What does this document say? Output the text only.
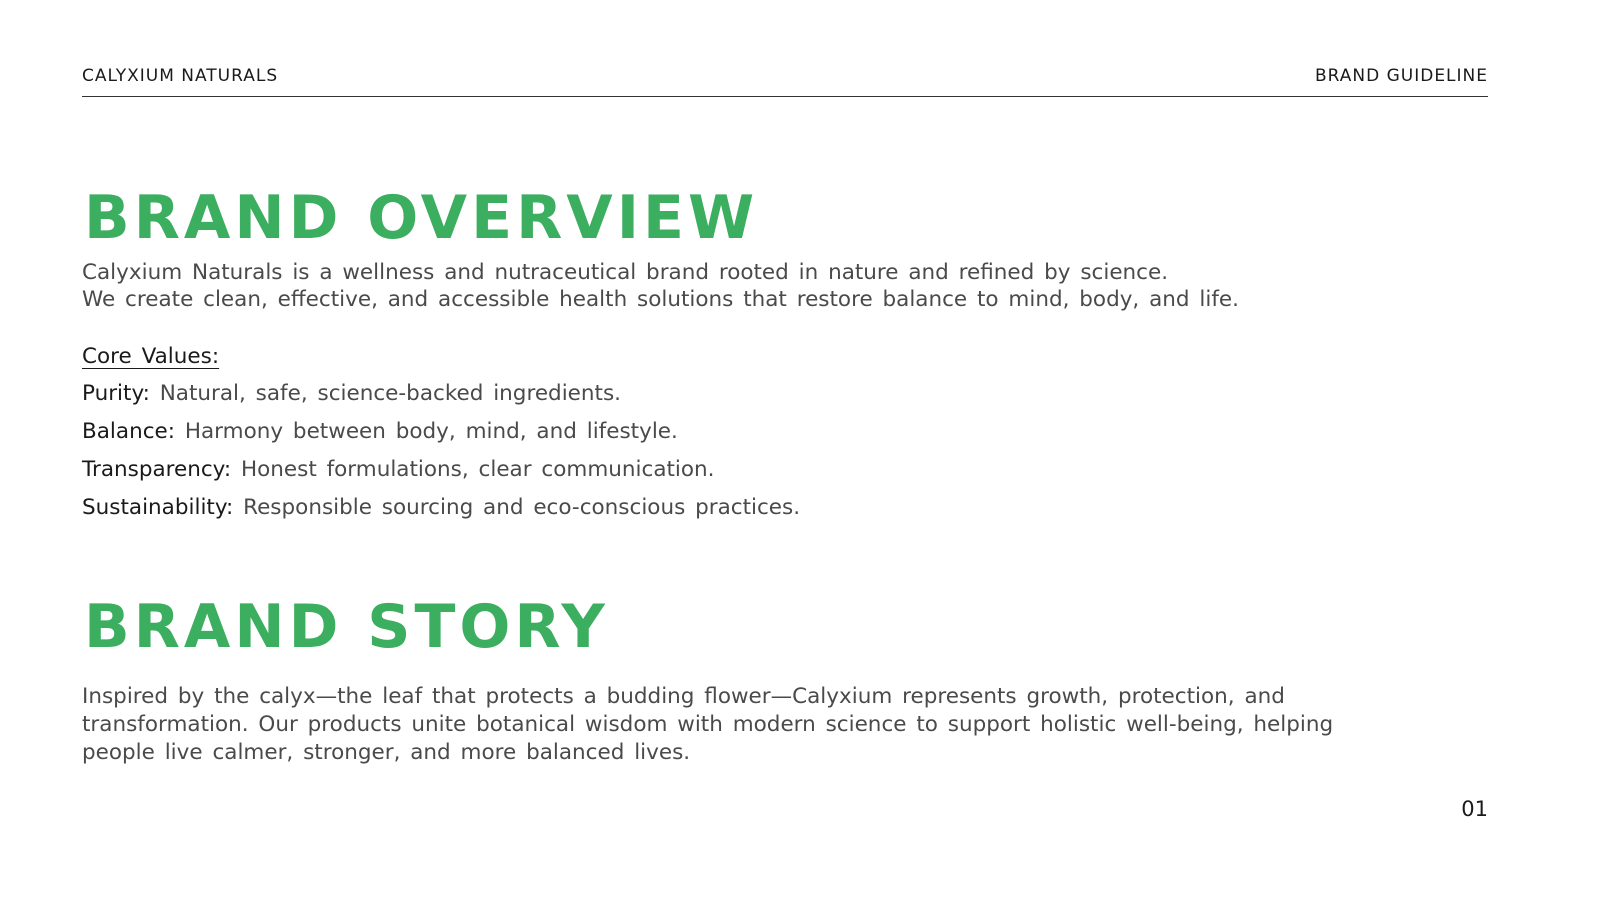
CALYXIUM NATURALS	BRAND GUIDELINE
BRAND OVERVIEW
Calyxium Naturals is a wellness and nutraceutical brand rooted in nature and refined by science.
We create clean, effective, and accessible health solutions that restore balance to mind, body, and life.
Core Values:
Purity: Natural, safe, science-backed ingredients.
Balance: Harmony between body, mind, and lifestyle.
Transparency: Honest formulations, clear communication.
Sustainability: Responsible sourcing and eco-conscious practices.
BRAND STORY
Inspired by the calyx—the leaf that protects a budding flower—Calyxium represents growth, protection, and
transformation. Our products unite botanical wisdom with modern science to support holistic well-being, helping
people live calmer, stronger, and more balanced lives.
01
